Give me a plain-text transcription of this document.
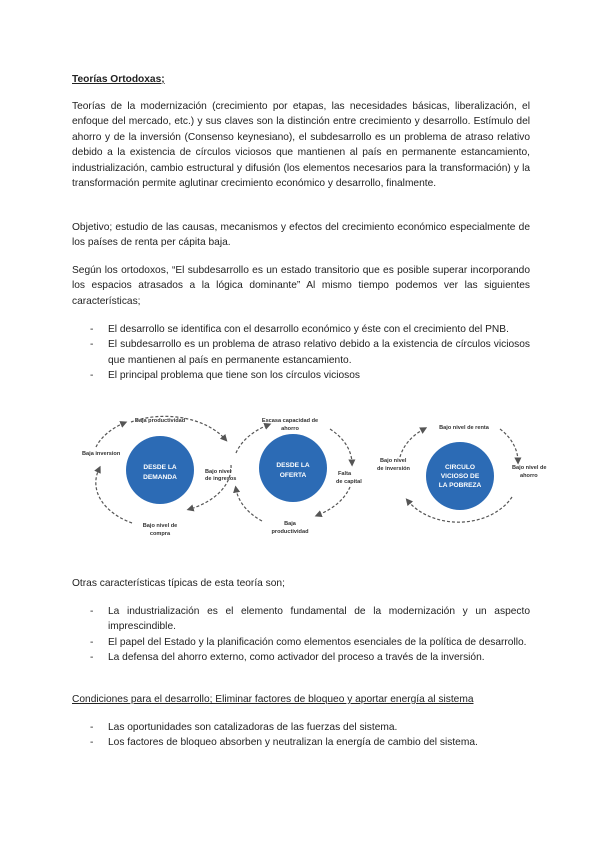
Teorías Ortodoxas;
Teorías de la modernización (crecimiento por etapas, las necesidades básicas, liberalización, el enfoque del mercado, etc.) y sus claves son la distinción entre crecimiento y desarrollo. Estímulo del ahorro y de la inversión (Consenso keynesiano), el subdesarrollo es un problema de atraso relativo debido a la existencia de círculos viciosos que mantienen al país en permanente estancamiento, industrialización, cambio estructural y difusión (los elementos necesarios para la transformación) y la transformación permite aglutinar crecimiento económico y desarrollo, finalmente.
Objetivo; estudio de las causas, mecanismos y efectos del crecimiento económico especialmente de los países de renta per cápita baja.
Según los ortodoxos, “El subdesarrollo es un estado transitorio que es posible superar incorporando los espacios atrasados a la lógica dominante” Al mismo tiempo podemos ver las siguientes características;
- El desarrollo se identifica con el desarrollo económico y éste con el crecimiento del PNB.
- El subdesarrollo es un problema de atraso relativo debido a la existencia de círculos viciosos que mantienen al país en permanente estancamiento.
- El principal problema que tiene son los círculos viciosos
DESDE LA
DEMANDA
Baja productividad
Baja inversion
Bajo nivel
de ingresos
Bajo nivel de
compra
DESDE LA
OFERTA
Escasa capacidad de
ahorro
Falta
de capital
Baja
productividad
CIRCULO
VICIOSO DE
LA POBREZA
Bajo nivel de renta
Bajo nivel
de inversión	Bajo nivel de
ahorro
Otras características típicas de esta teoría son;
- La industrialización es el elemento fundamental de la modernización y un aspecto imprescindible.
- El papel del Estado y la planificación como elementos esenciales de la política de desarrollo.
- La defensa del ahorro externo, como activador del proceso a través de la inversión.
Condiciones para el desarrollo; Eliminar factores de bloqueo y aportar energía al sistema
- Las oportunidades son catalizadoras de las fuerzas del sistema.
- Los factores de bloqueo absorben y neutralizan la energía de cambio del sistema.
